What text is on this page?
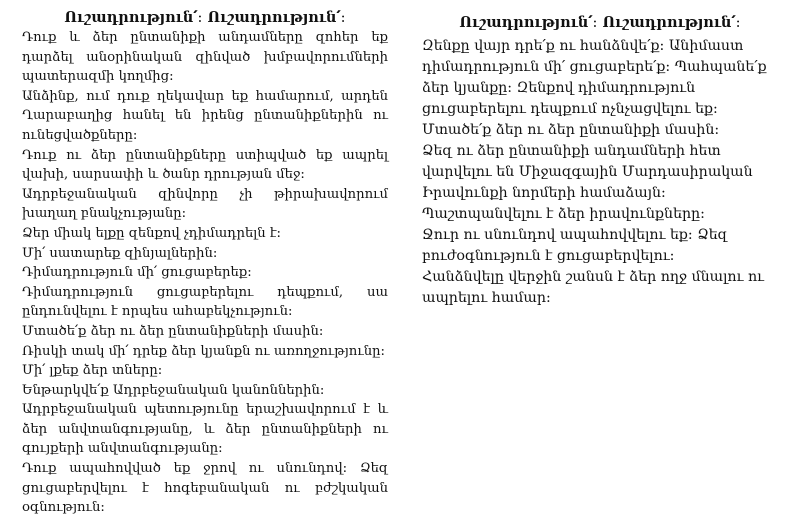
Ուշադրություն՛։ Ուշադրություն՛։

Դուք և ձեր ընտանիքի անդամները զոհեր եք դարձել անօրինական զինված խմբավորումների պատերազմի կողմից։

Անձինք, ում դուք ղեկավար եք համարում, արդեն Ղարաբաղից հանել են իրենց ընտանիքներին ու ունեցվածքները։

Դուք ու ձեր ընտանիքները ստիպված եք ապրել վախի, սարսափի և ծանր դրության մեջ։

Ադրբեջանական զինվորը չի թիրախավորում խաղաղ բնակչությանը։

Ձեր միակ ելքը զենքով չդիմադրելն է։

Մի՛ սատարեք զինյալներին։

Դիմադրություն մի՛ ցուցաբերեք։

Դիմադրություն ցուցաբերելու դեպքում, սա ընդունվելու է որպես ահաբեկչություն։

Մտածե՛ք ձեր ու ձեր ընտանիքների մասին։

Ռիսկի տակ մի՛ դրեք ձեր կյանքն ու առողջությունը։

Մի՛ լքեք ձեր տները։

Ենթարկվե՛ք Ադրբեջանական կանոններին։

Ադրբեջանական պետությունը երաշխավորում է և ձեր անվտանգությանը, և ձեր ընտանիքների ու գույքերի անվտանգությանը։

Դուք ապահովված եք ջրով ու սնունդով։ Ձեզ ցուցաբերվելու է հոգեբանական ու բժշկական օգնություն։

Ուշադրություն՛։ Ուշադրություն՛։

Զենքը վայր դրե՛ք ու հանձնվե՛ք։ Անիմաստ դիմադրություն մի՛ ցուցաբերե՛ք։ Պահպանե՛ք ձեր կյանքը։ Զենքով դիմադրություն ցուցաբերելու դեպքում ոչնչացվելու եք։

Մտածե՛ք ձեր ու ձեր ընտանիքի մասին։

Ձեզ ու ձեր ընտանիքի անդամների հետ վարվելու են Միջազգային Մարդասիրական Իրավունքի նորմերի համաձայն։

Պաշտպանվելու է ձեր իրավունքները։

Ջուր ու սնունդով ապահովվելու եք։ Ձեզ բուժօգնություն է ցուցաբերվելու։

Հանձնվելը վերջին շանսն է ձեր ողջ մնալու ու ապրելու համար։
